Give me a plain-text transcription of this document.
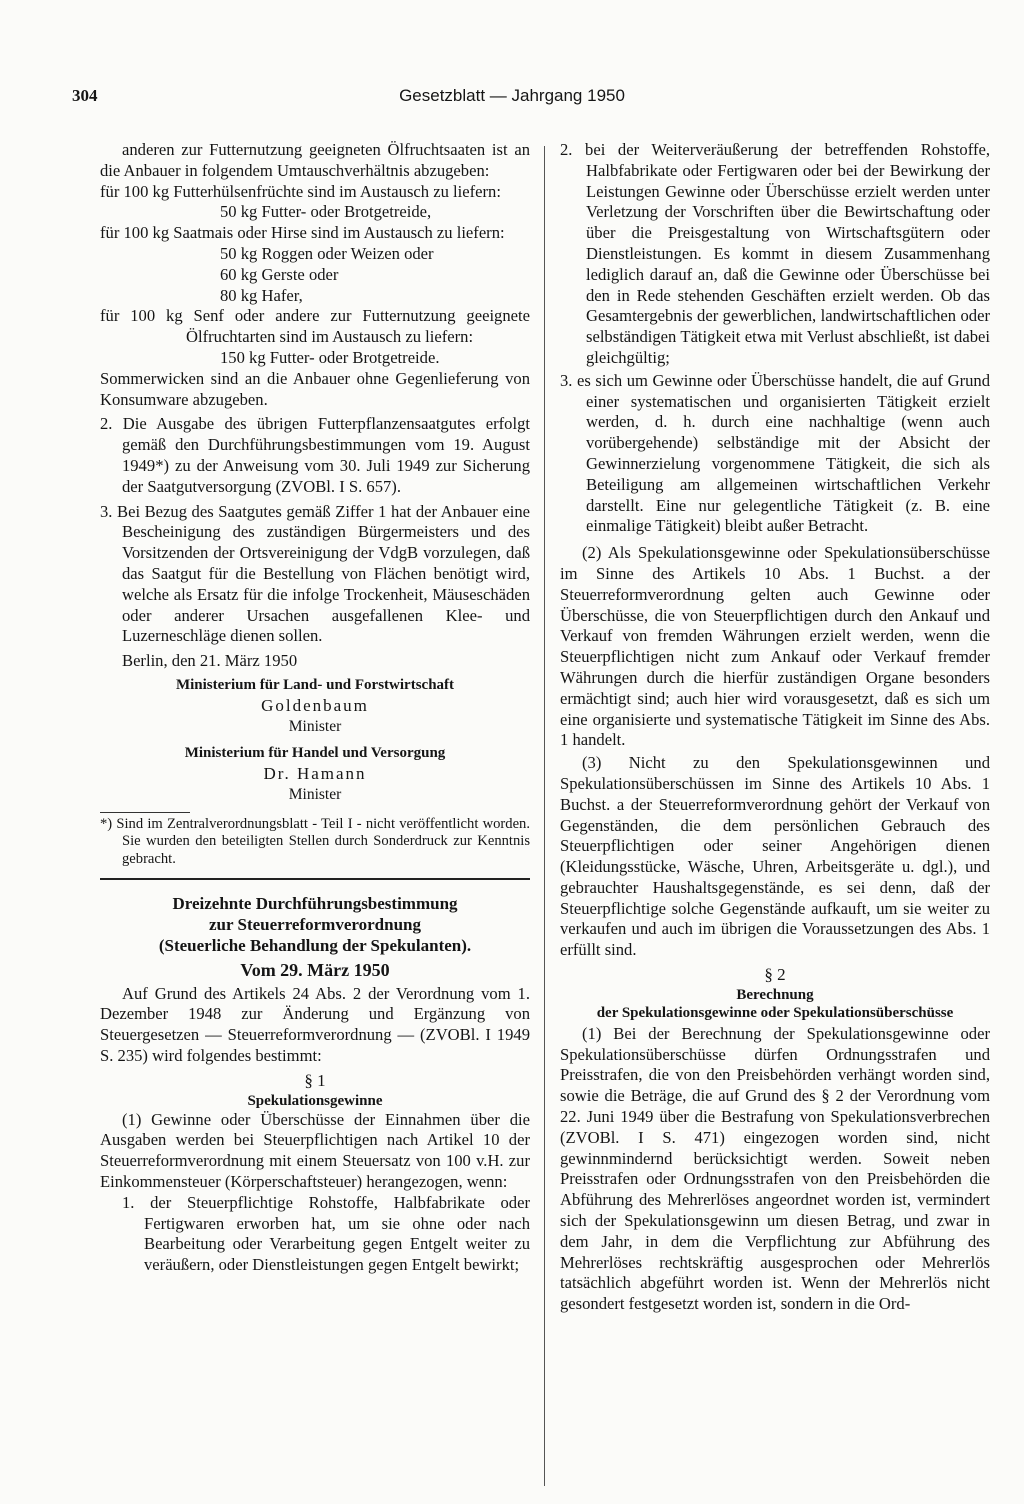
304	Gesetzblatt — Jahrgang 1950

anderen zur Futternutzung geeigneten Ölfruchtsaaten ist an die Anbauer in folgendem Umtauschverhältnis abzugeben:

für 100 kg Futterhülsenfrüchte sind im Austausch zu liefern:

50 kg Futter- oder Brotgetreide,

für 100 kg Saatmais oder Hirse sind im Austausch zu liefern:

50 kg Roggen oder Weizen oder

60 kg Gerste oder

80 kg Hafer,

für 100 kg Senf oder andere zur Futternutzung geeignete Ölfruchtarten sind im Austausch zu liefern:

150 kg Futter- oder Brotgetreide.

Sommerwicken sind an die Anbauer ohne Gegenlieferung von Konsumware abzugeben.

2. Die Ausgabe des übrigen Futterpflanzensaatgutes erfolgt gemäß den Durchführungsbestimmungen vom 19. August 1949*) zu der Anweisung vom 30. Juli 1949 zur Sicherung der Saatgutversorgung (ZVOBl. I S. 657).

3. Bei Bezug des Saatgutes gemäß Ziffer 1 hat der Anbauer eine Bescheinigung des zuständigen Bürgermeisters und des Vorsitzenden der Ortsvereinigung der VdgB vorzulegen, daß das Saatgut für die Bestellung von Flächen benötigt wird, welche als Ersatz für die infolge Trockenheit, Mäuseschäden oder anderer Ursachen ausgefallenen Klee- und Luzerneschläge dienen sollen.

Berlin, den 21. März 1950

Ministerium für Land- und Forstwirtschaft

Goldenbaum

Minister

Ministerium für Handel und Versorgung

Dr. Hamann

Minister

*) Sind im Zentralverordnungsblatt - Teil I - nicht veröffentlicht worden. Sie wurden den beteiligten Stellen durch Sonderdruck zur Kenntnis gebracht.

Dreizehnte Durchführungsbestimmung

zur Steuerreformverordnung

(Steuerliche Behandlung der Spekulanten).

Vom 29. März 1950

Auf Grund des Artikels 24 Abs. 2 der Verordnung vom 1. Dezember 1948 zur Änderung und Ergänzung von Steuergesetzen — Steuerreformverordnung — (ZVOBl. I 1949 S. 235) wird folgendes bestimmt:

§ 1

Spekulationsgewinne

(1) Gewinne oder Überschüsse der Einnahmen über die Ausgaben werden bei Steuerpflichtigen nach Artikel 10 der Steuerreformverordnung mit einem Steuersatz von 100 v.H. zur Einkommensteuer (Körperschaftsteuer) herangezogen, wenn:

1. der Steuerpflichtige Rohstoffe, Halbfabrikate oder Fertigwaren erworben hat, um sie ohne oder nach Bearbeitung oder Verarbeitung gegen Entgelt weiter zu veräußern, oder Dienstleistungen gegen Entgelt bewirkt;

2. bei der Weiterveräußerung der betreffenden Rohstoffe, Halbfabrikate oder Fertigwaren oder bei der Bewirkung der Leistungen Gewinne oder Überschüsse erzielt werden unter Verletzung der Vorschriften über die Bewirtschaftung oder über die Preisgestaltung von Wirtschaftsgütern oder Dienstleistungen. Es kommt in diesem Zusammenhang lediglich darauf an, daß die Gewinne oder Überschüsse bei den in Rede stehenden Geschäften erzielt werden. Ob das Gesamtergebnis der gewerblichen, landwirtschaftlichen oder selbständigen Tätigkeit etwa mit Verlust abschließt, ist dabei gleichgültig;

3. es sich um Gewinne oder Überschüsse handelt, die auf Grund einer systematischen und organisierten Tätigkeit erzielt werden, d. h. durch eine nachhaltige (wenn auch vorübergehende) selbständige mit der Absicht der Gewinnerzielung vorgenommene Tätigkeit, die sich als Beteiligung am allgemeinen wirtschaftlichen Verkehr darstellt. Eine nur gelegentliche Tätigkeit (z. B. eine einmalige Tätigkeit) bleibt außer Betracht.

(2) Als Spekulationsgewinne oder Spekulationsüberschüsse im Sinne des Artikels 10 Abs. 1 Buchst. a der Steuerreformverordnung gelten auch Gewinne oder Überschüsse, die von Steuerpflichtigen durch den Ankauf und Verkauf von fremden Währungen erzielt werden, wenn die Steuerpflichtigen nicht zum Ankauf oder Verkauf fremder Währungen durch die hierfür zuständigen Organe besonders ermächtigt sind; auch hier wird vorausgesetzt, daß es sich um eine organisierte und systematische Tätigkeit im Sinne des Abs. 1 handelt.

(3) Nicht zu den Spekulationsgewinnen und Spekulationsüberschüssen im Sinne des Artikels 10 Abs. 1 Buchst. a der Steuerreformverordnung gehört der Verkauf von Gegenständen, die dem persönlichen Gebrauch des Steuerpflichtigen oder seiner Angehörigen dienen (Kleidungsstücke, Wäsche, Uhren, Arbeitsgeräte u. dgl.), und gebrauchter Haushaltsgegenstände, es sei denn, daß der Steuerpflichtige solche Gegenstände aufkauft, um sie weiter zu verkaufen und auch im übrigen die Voraussetzungen des Abs. 1 erfüllt sind.

§ 2

Berechnung

der Spekulationsgewinne oder Spekulationsüberschüsse

(1) Bei der Berechnung der Spekulationsgewinne oder Spekulationsüberschüsse dürfen Ordnungsstrafen und Preisstrafen, die von den Preisbehörden verhängt worden sind, sowie die Beträge, die auf Grund des § 2 der Verordnung vom 22. Juni 1949 über die Bestrafung von Spekulationsverbrechen (ZVOBl. I S. 471) eingezogen worden sind, nicht gewinnmindernd berücksichtigt werden. Soweit neben Preisstrafen oder Ordnungsstrafen von den Preisbehörden die Abführung des Mehrerlöses angeordnet worden ist, vermindert sich der Spekulationsgewinn um diesen Betrag, und zwar in dem Jahr, in dem die Verpflichtung zur Abführung des Mehrerlöses rechtskräftig ausgesprochen oder Mehrerlös tatsächlich abgeführt worden ist. Wenn der Mehrerlös nicht gesondert festgesetzt worden ist, sondern in die Ord-
